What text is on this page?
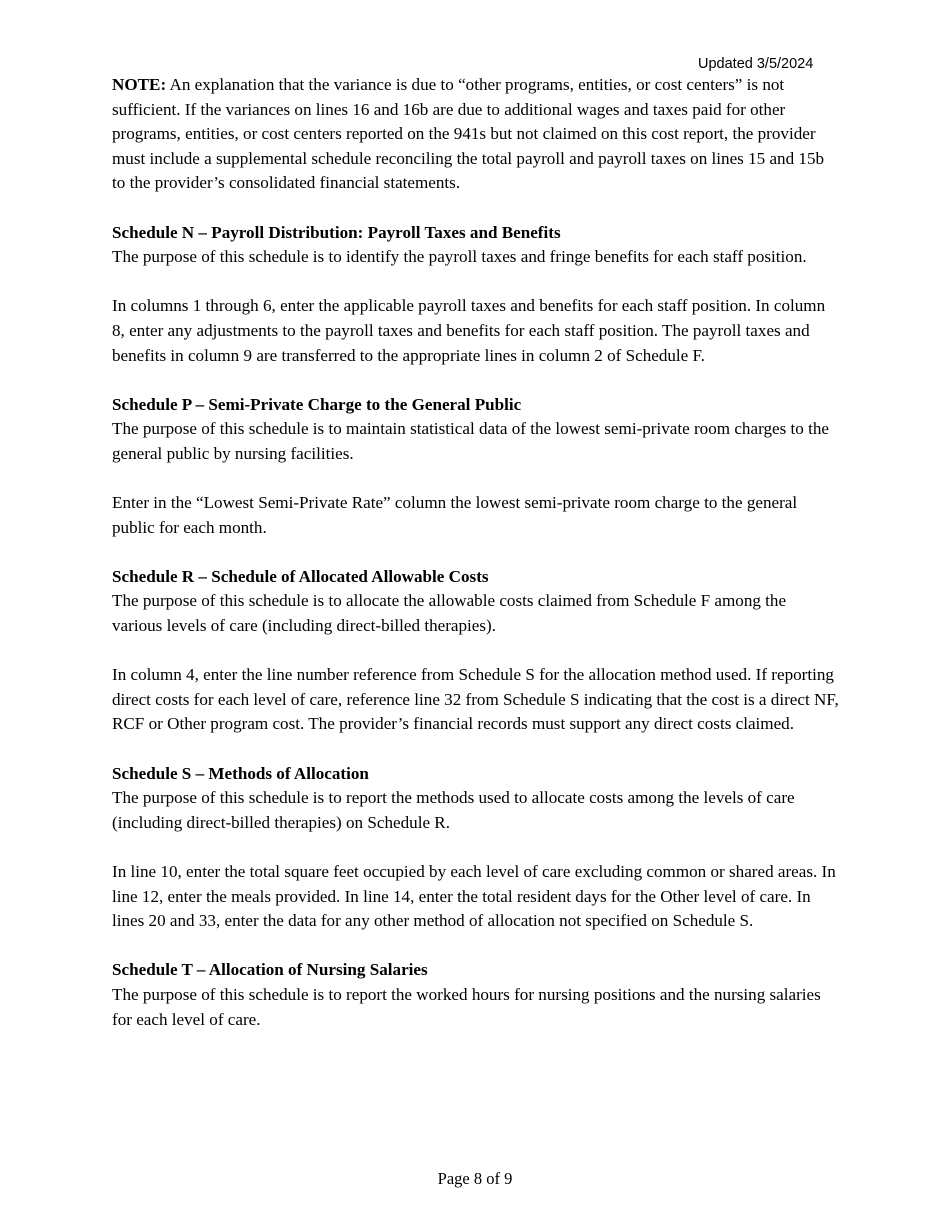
Updated 3/5/2024

NOTE: An explanation that the variance is due to “other programs, entities, or cost centers” is not sufficient. If the variances on lines 16 and 16b are due to additional wages and taxes paid for other programs, entities, or cost centers reported on the 941s but not claimed on this cost report, the provider must include a supplemental schedule reconciling the total payroll and payroll taxes on lines 15 and 15b to the provider’s consolidated financial statements.

Schedule N – Payroll Distribution: Payroll Taxes and Benefits

The purpose of this schedule is to identify the payroll taxes and fringe benefits for each staff position.

In columns 1 through 6, enter the applicable payroll taxes and benefits for each staff position. In column 8, enter any adjustments to the payroll taxes and benefits for each staff position. The payroll taxes and benefits in column 9 are transferred to the appropriate lines in column 2 of Schedule F.

Schedule P – Semi-Private Charge to the General Public

The purpose of this schedule is to maintain statistical data of the lowest semi-private room charges to the general public by nursing facilities.

Enter in the “Lowest Semi-Private Rate” column the lowest semi-private room charge to the general public for each month.

Schedule R – Schedule of Allocated Allowable Costs

The purpose of this schedule is to allocate the allowable costs claimed from Schedule F among the various levels of care (including direct-billed therapies).

In column 4, enter the line number reference from Schedule S for the allocation method used. If reporting direct costs for each level of care, reference line 32 from Schedule S indicating that the cost is a direct NF, RCF or Other program cost. The provider’s financial records must support any direct costs claimed.

Schedule S – Methods of Allocation

The purpose of this schedule is to report the methods used to allocate costs among the levels of care (including direct-billed therapies) on Schedule R.

In line 10, enter the total square feet occupied by each level of care excluding common or shared areas. In line 12, enter the meals provided. In line 14, enter the total resident days for the Other level of care. In lines 20 and 33, enter the data for any other method of allocation not specified on Schedule S.

Schedule T – Allocation of Nursing Salaries

The purpose of this schedule is to report the worked hours for nursing positions and the nursing salaries for each level of care.

Page 8 of 9
